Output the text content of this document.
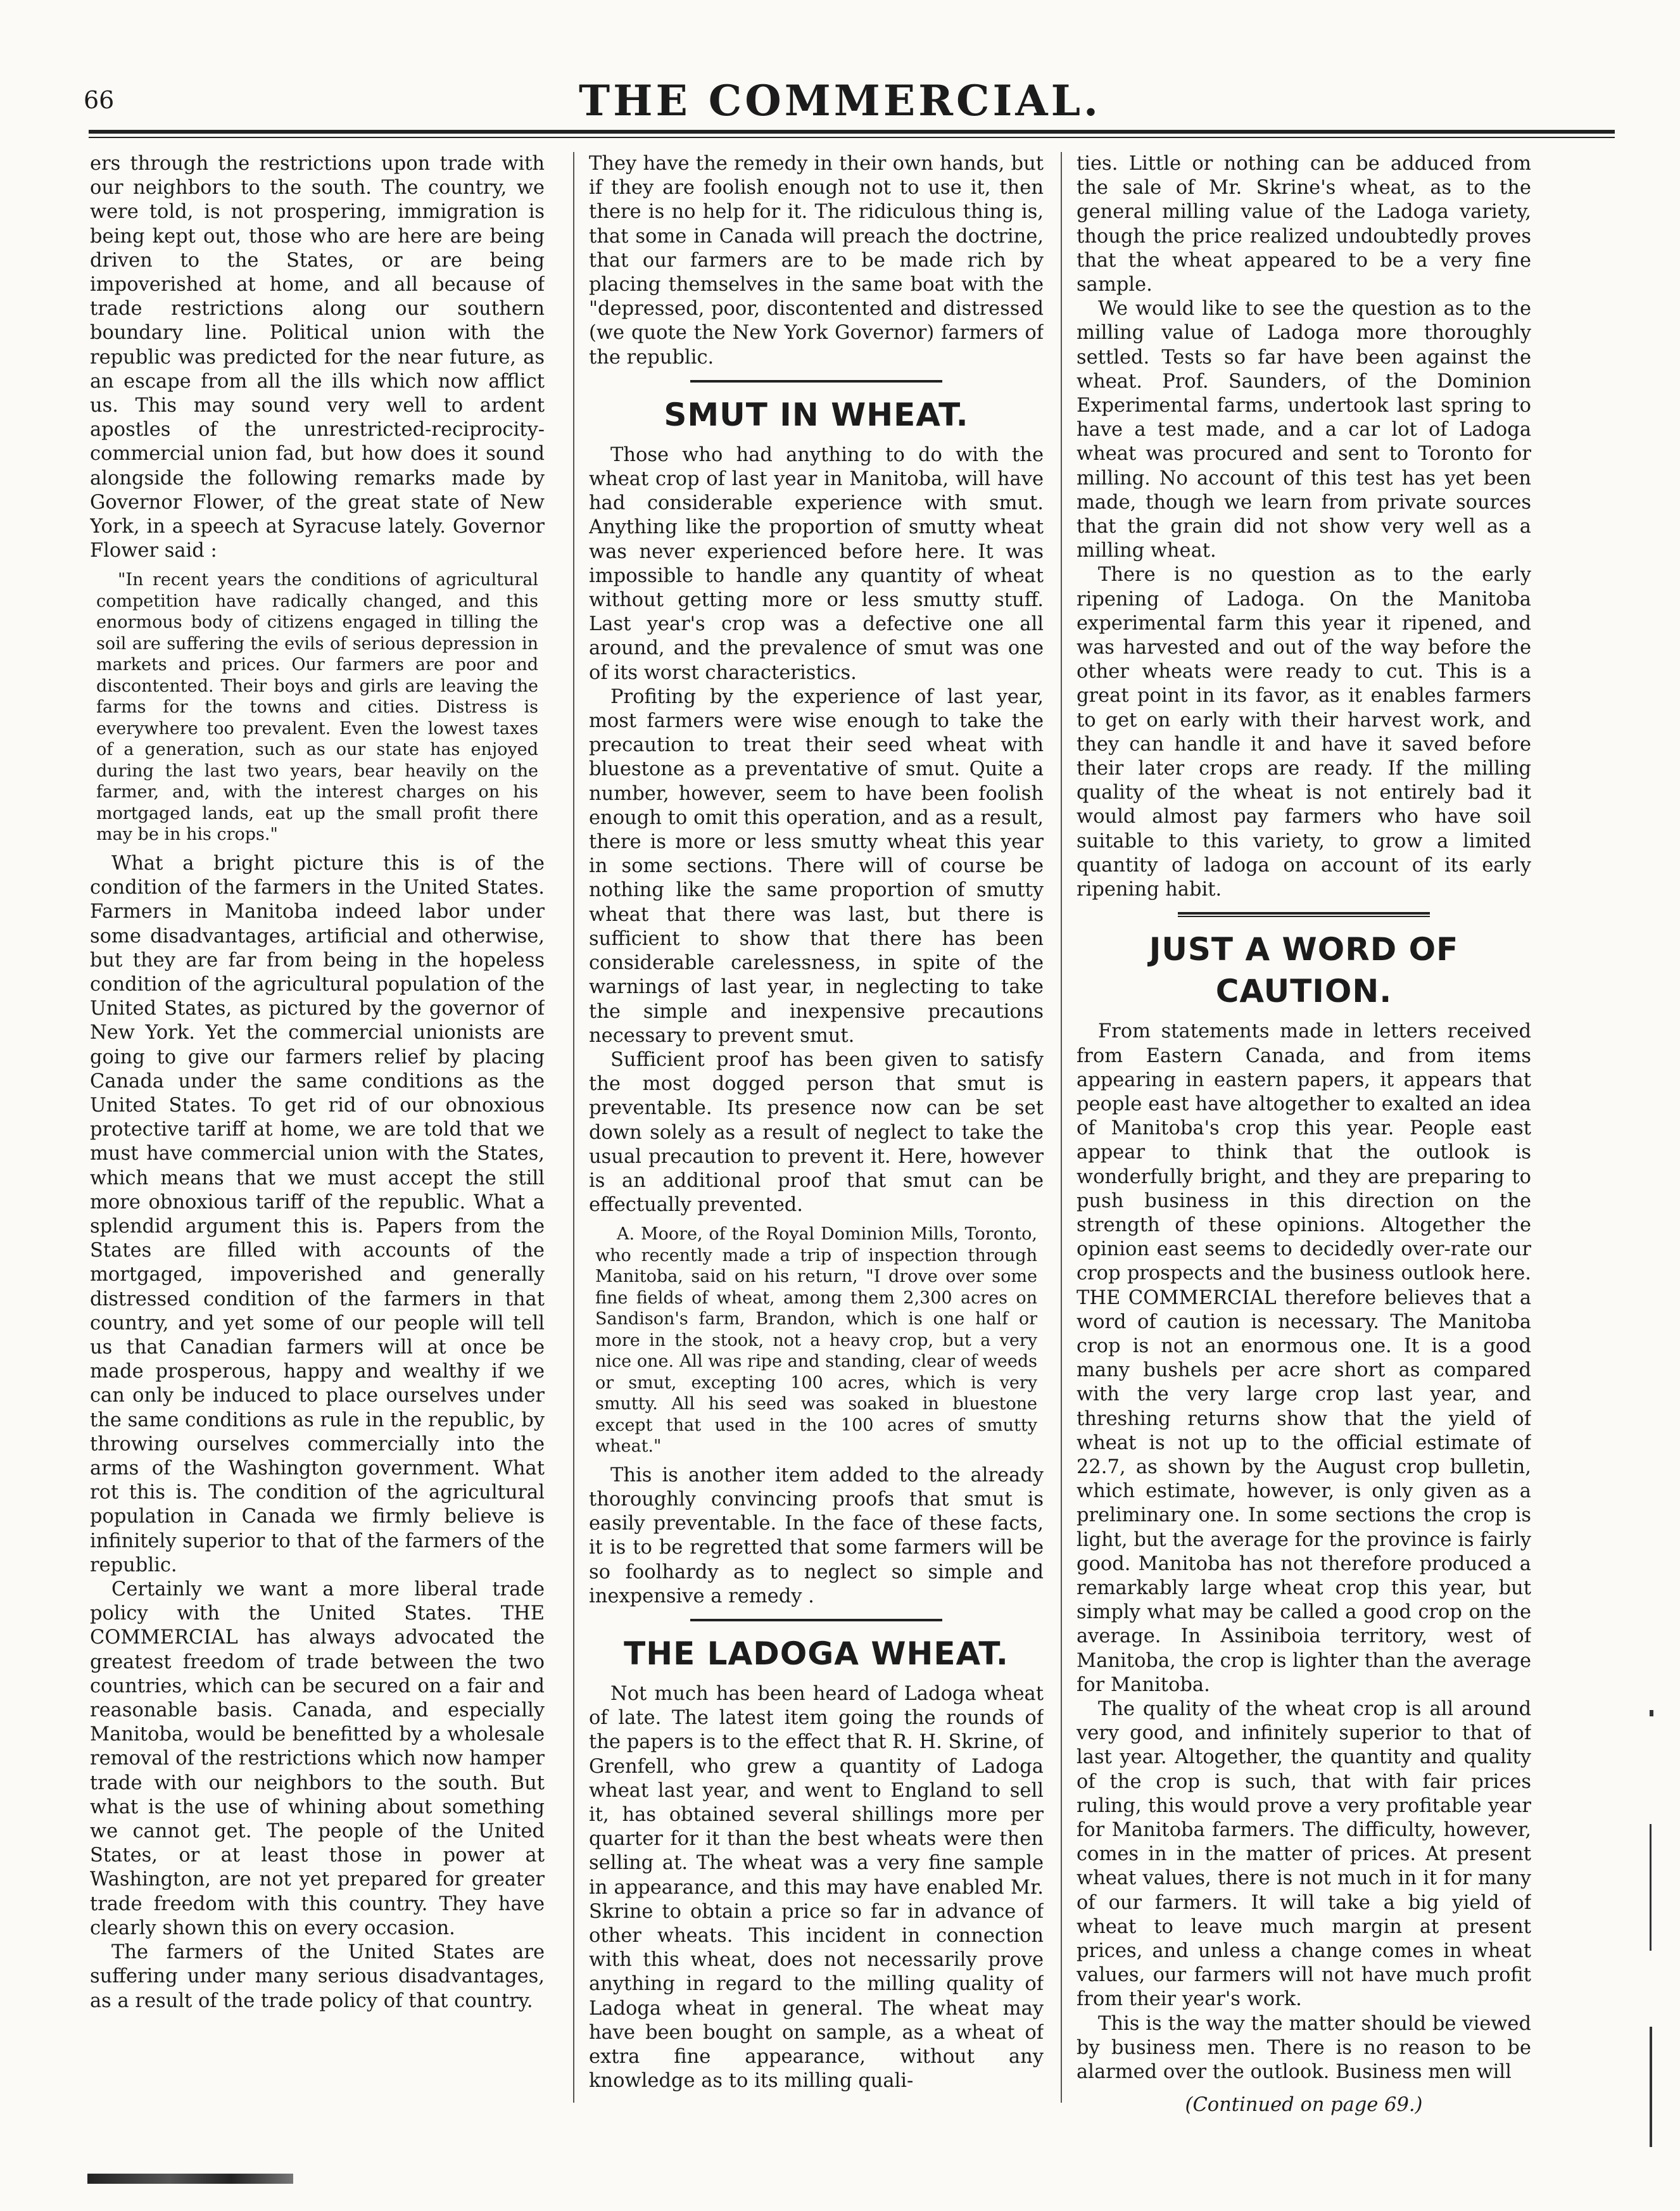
66	THE COMMERCIAL.

ers through the restrictions upon trade with our neighbors to the south. The country, we were told, is not prospering, immigration is being kept out, those who are here are being driven to the States, or are being impoverished at home, and all because of trade restrictions along our southern boundary line. Political union with the republic was predicted for the near future, as an escape from all the ills which now afflict us. This may sound very well to ardent apostles of the unrestricted-reciprocity-commercial union fad, but how does it sound alongside the following remarks made by Governor Flower, of the great state of New York, in a speech at Syracuse lately. Governor Flower said :

"In recent years the conditions of agricultural competition have radically changed, and this enormous body of citizens engaged in tilling the soil are suffering the evils of serious depression in markets and prices. Our farmers are poor and discontented. Their boys and girls are leaving the farms for the towns and cities. Distress is everywhere too prevalent. Even the lowest taxes of a generation, such as our state has enjoyed during the last two years, bear heavily on the farmer, and, with the interest charges on his mortgaged lands, eat up the small profit there may be in his crops."

What a bright picture this is of the condition of the farmers in the United States. Farmers in Manitoba indeed labor under some disadvantages, artificial and otherwise, but they are far from being in the hopeless condition of the agricultural population of the United States, as pictured by the governor of New York. Yet the commercial unionists are going to give our farmers relief by placing Canada under the same conditions as the United States. To get rid of our obnoxious protective tariff at home, we are told that we must have commercial union with the States, which means that we must accept the still more obnoxious tariff of the republic. What a splendid argument this is. Papers from the States are filled with accounts of the mortgaged, impoverished and generally distressed condition of the farmers in that country, and yet some of our people will tell us that Canadian farmers will at once be made prosperous, happy and wealthy if we can only be induced to place ourselves under the same conditions as rule in the republic, by throwing ourselves commercially into the arms of the Washington government. What rot this is. The condition of the agricultural population in Canada we firmly believe is infinitely superior to that of the farmers of the republic.

Certainly we want a more liberal trade policy with the United States. THE COMMERCIAL has always advocated the greatest freedom of trade between the two countries, which can be secured on a fair and reasonable basis. Canada, and especially Manitoba, would be benefitted by a wholesale removal of the restrictions which now hamper trade with our neighbors to the south. But what is the use of whining about something we cannot get. The people of the United States, or at least those in power at Washington, are not yet prepared for greater trade freedom with this country. They have clearly shown this on every occasion.

The farmers of the United States are suffering under many serious disadvantages, as a result of the trade policy of that country.

They have the remedy in their own hands, but if they are foolish enough not to use it, then there is no help for it. The ridiculous thing is, that some in Canada will preach the doctrine, that our farmers are to be made rich by placing themselves in the same boat with the "depressed, poor, discontented and distressed (we quote the New York Governor) farmers of the republic.

SMUT IN WHEAT.

Those who had anything to do with the wheat crop of last year in Manitoba, will have had considerable experience with smut. Anything like the proportion of smutty wheat was never experienced before here. It was impossible to handle any quantity of wheat without getting more or less smutty stuff. Last year's crop was a defective one all around, and the prevalence of smut was one of its worst characteristics.

Profiting by the experience of last year, most farmers were wise enough to take the precaution to treat their seed wheat with bluestone as a preventative of smut. Quite a number, however, seem to have been foolish enough to omit this operation, and as a result, there is more or less smutty wheat this year in some sections. There will of course be nothing like the same proportion of smutty wheat that there was last, but there is sufficient to show that there has been considerable carelessness, in spite of the warnings of last year, in neglecting to take the simple and inexpensive precautions necessary to prevent smut.

Sufficient proof has been given to satisfy the most dogged person that smut is preventable. Its presence now can be set down solely as a result of neglect to take the usual precaution to prevent it. Here, however is an additional proof that smut can be effectually prevented.

A. Moore, of the Royal Dominion Mills, Toronto, who recently made a trip of inspection through Manitoba, said on his return, "I drove over some fine fields of wheat, among them 2,300 acres on Sandison's farm, Brandon, which is one half or more in the stook, not a heavy crop, but a very nice one. All was ripe and standing, clear of weeds or smut, excepting 100 acres, which is very smutty. All his seed was soaked in bluestone except that used in the 100 acres of smutty wheat."

This is another item added to the already thoroughly convincing proofs that smut is easily preventable. In the face of these facts, it is to be regretted that some farmers will be so foolhardy as to neglect so simple and inexpensive a remedy .

THE LADOGA WHEAT.

Not much has been heard of Ladoga wheat of late. The latest item going the rounds of the papers is to the effect that R. H. Skrine, of Grenfell, who grew a quantity of Ladoga wheat last year, and went to England to sell it, has obtained several shillings more per quarter for it than the best wheats were then selling at. The wheat was a very fine sample in appearance, and this may have enabled Mr. Skrine to obtain a price so far in advance of other wheats. This incident in connection with this wheat, does not necessarily prove anything in regard to the milling quality of Ladoga wheat in general. The wheat may have been bought on sample, as a wheat of extra fine appearance, without any knowledge as to its milling quali-

ties. Little or nothing can be adduced from the sale of Mr. Skrine's wheat, as to the general milling value of the Ladoga variety, though the price realized undoubtedly proves that the wheat appeared to be a very fine sample.

We would like to see the question as to the milling value of Ladoga more thoroughly settled. Tests so far have been against the wheat. Prof. Saunders, of the Dominion Experimental farms, undertook last spring to have a test made, and a car lot of Ladoga wheat was procured and sent to Toronto for milling. No account of this test has yet been made, though we learn from private sources that the grain did not show very well as a milling wheat.

There is no question as to the early ripening of Ladoga. On the Manitoba experimental farm this year it ripened, and was harvested and out of the way before the other wheats were ready to cut. This is a great point in its favor, as it enables farmers to get on early with their harvest work, and they can handle it and have it saved before their later crops are ready. If the milling quality of the wheat is not entirely bad it would almost pay farmers who have soil suitable to this variety, to grow a limited quantity of ladoga on account of its early ripening habit.

JUST A WORD OF CAUTION.

From statements made in letters received from Eastern Canada, and from items appearing in eastern papers, it appears that people east have altogether to exalted an idea of Manitoba's crop this year. People east appear to think that the outlook is wonderfully bright, and they are preparing to push business in this direction on the strength of these opinions. Altogether the opinion east seems to decidedly over-rate our crop prospects and the business outlook here. THE COMMERCIAL therefore believes that a word of caution is necessary. The Manitoba crop is not an enormous one. It is a good many bushels per acre short as compared with the very large crop last year, and threshing returns show that the yield of wheat is not up to the official estimate of 22.7, as shown by the August crop bulletin, which estimate, however, is only given as a preliminary one. In some sections the crop is light, but the average for the province is fairly good. Manitoba has not therefore produced a remarkably large wheat crop this year, but simply what may be called a good crop on the average. In Assiniboia territory, west of Manitoba, the crop is lighter than the average for Manitoba.

The quality of the wheat crop is all around very good, and infinitely superior to that of last year. Altogether, the quantity and quality of the crop is such, that with fair prices ruling, this would prove a very profitable year for Manitoba farmers. The difficulty, however, comes in in the matter of prices. At present wheat values, there is not much in it for many of our farmers. It will take a big yield of wheat to leave much margin at present prices, and unless a change comes in wheat values, our farmers will not have much profit from their year's work.

This is the way the matter should be viewed by business men. There is no reason to be alarmed over the outlook. Business men will

(Continued on page 69.)
